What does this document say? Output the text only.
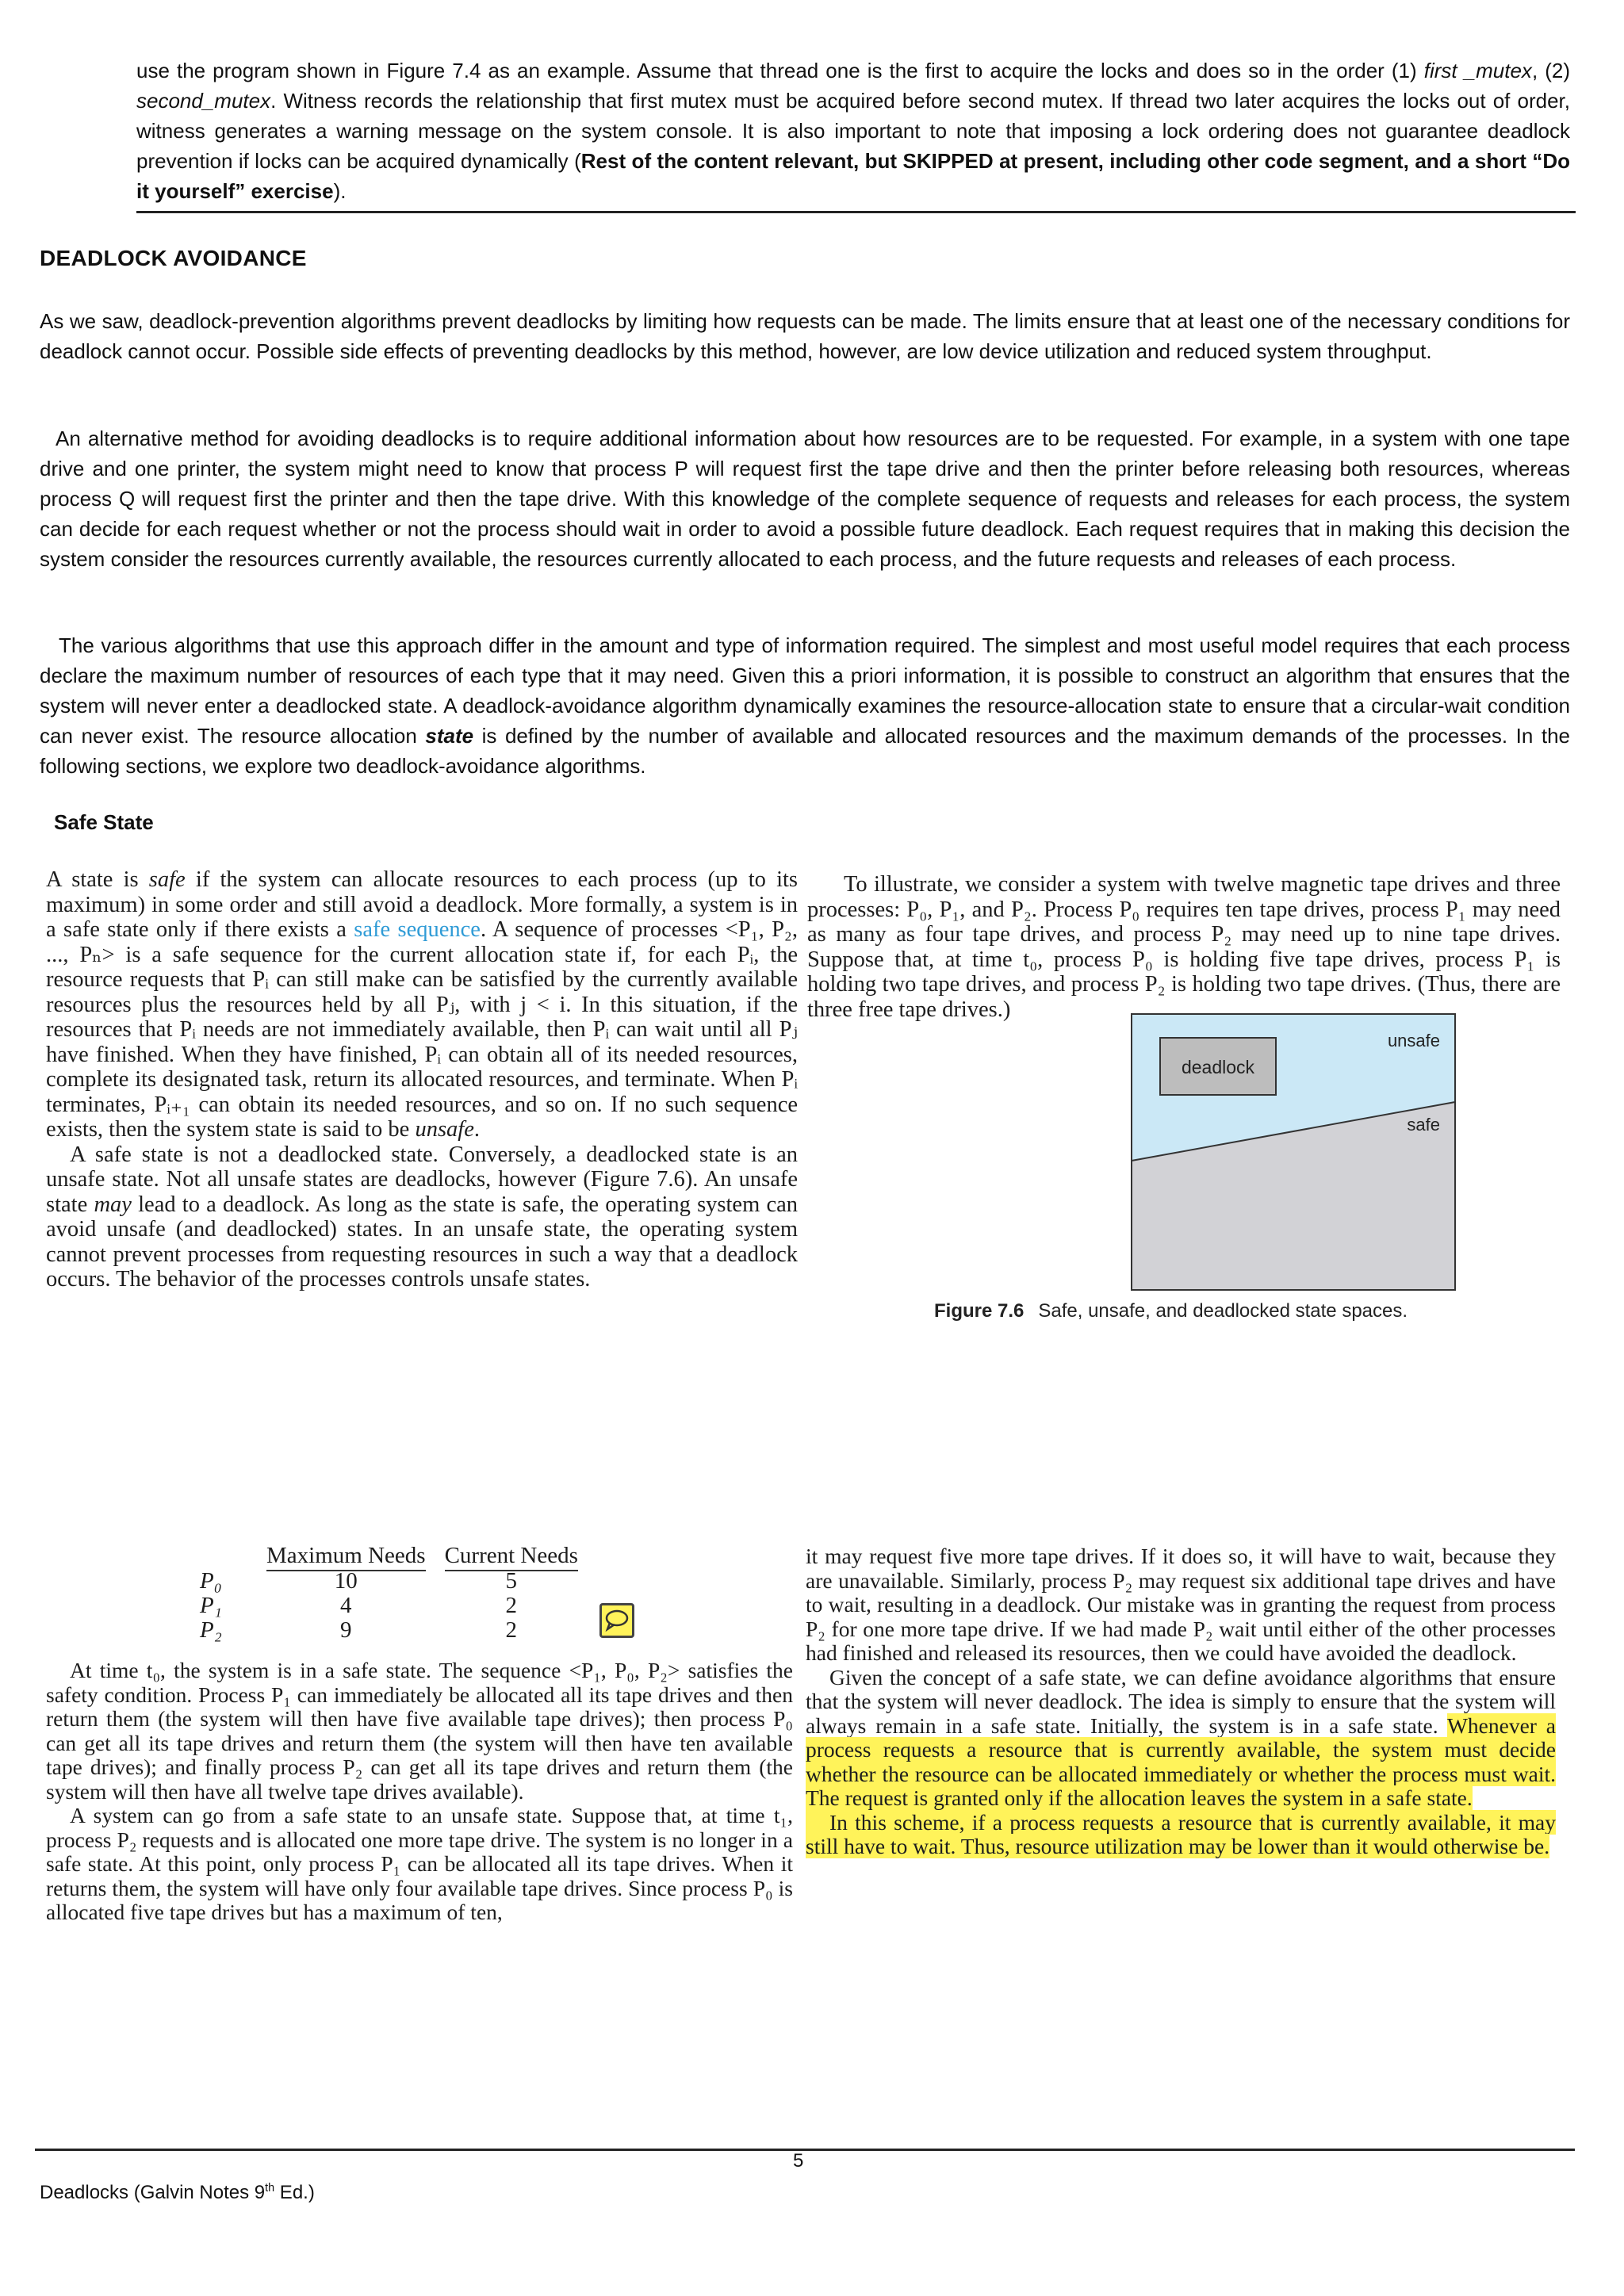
use the program shown in Figure 7.4 as an example. Assume that thread one is the first to acquire the locks and does so in the order (1) first _mutex, (2) second_mutex. Witness records the relationship that first mutex must be acquired before second mutex. If thread two later acquires the locks out of order, witness generates a warning message on the system console. It is also important to note that imposing a lock ordering does not guarantee deadlock prevention if locks can be acquired dynamically (Rest of the content relevant, but SKIPPED at present, including other code segment, and a short “Do it yourself” exercise).

DEADLOCK AVOIDANCE

As we saw, deadlock-prevention algorithms prevent deadlocks by limiting how requests can be made. The limits ensure that at least one of the necessary conditions for deadlock cannot occur. Possible side effects of preventing deadlocks by this method, however, are low device utilization and reduced system throughput.

An alternative method for avoiding deadlocks is to require additional information about how resources are to be requested. For example, in a system with one tape drive and one printer, the system might need to know that process P will request first the tape drive and then the printer before releasing both resources, whereas process Q will request first the printer and then the tape drive. With this knowledge of the complete sequence of requests and releases for each process, the system can decide for each request whether or not the process should wait in order to avoid a possible future deadlock. Each request requires that in making this decision the system consider the resources currently available, the resources currently allocated to each process, and the future requests and releases of each process.

The various algorithms that use this approach differ in the amount and type of information required. The simplest and most useful model requires that each process declare the maximum number of resources of each type that it may need. Given this a priori information, it is possible to construct an algorithm that ensures that the system will never enter a deadlocked state. A deadlock-avoidance algorithm dynamically examines the resource-allocation state to ensure that a circular-wait condition can never exist. The resource allocation state is defined by the number of available and allocated resources and the maximum demands of the processes. In the following sections, we explore two deadlock-avoidance algorithms.

Safe State

A state is safe if the system can allocate resources to each process (up to its maximum) in some order and still avoid a deadlock. More formally, a system is in a safe state only if there exists a safe sequence. A sequence of processes <P₁, P₂, ..., Pₙ> is a safe sequence for the current allocation state if, for each Pᵢ, the resource requests that Pᵢ can still make can be satisfied by the currently available resources plus the resources held by all Pⱼ, with j < i. In this situation, if the resources that Pᵢ needs are not immediately available, then Pᵢ can wait until all Pⱼ have finished. When they have finished, Pᵢ can obtain all of its needed resources, complete its designated task, return its allocated resources, and terminate. When Pᵢ terminates, Pᵢ₊₁ can obtain its needed resources, and so on. If no such sequence exists, then the system state is said to be unsafe.
A safe state is not a deadlocked state. Conversely, a deadlocked state is an unsafe state. Not all unsafe states are deadlocks, however (Figure 7.6). An unsafe state may lead to a deadlock. As long as the state is safe, the operating system can avoid unsafe (and deadlocked) states. In an unsafe state, the operating system cannot prevent processes from requesting resources in such a way that a deadlock occurs. The behavior of the processes controls unsafe states.

To illustrate, we consider a system with twelve magnetic tape drives and three processes: P₀, P₁, and P₂. Process P₀ requires ten tape drives, process P₁ may need as many as four tape drives, and process P₂ may need up to nine tape drives. Suppose that, at time t₀, process P₀ is holding five tape drives, process P₁ is holding two tape drives, and process P₂ is holding two tape drives. (Thus, there are three free tape drives.)

deadlock
unsafe
safe
Figure 7.6 Safe, unsafe, and deadlocked state spaces.
	Maximum Needs	Current Needs
P₀	10	5
P₁	4	2
P₂	9	2

At time t₀, the system is in a safe state. The sequence <P₁, P₀, P₂> satisfies the safety condition. Process P₁ can immediately be allocated all its tape drives and then return them (the system will then have five available tape drives); then process P₀ can get all its tape drives and return them (the system will then have ten available tape drives); and finally process P₂ can get all its tape drives and return them (the system will then have all twelve tape drives available).
A system can go from a safe state to an unsafe state. Suppose that, at time t₁, process P₂ requests and is allocated one more tape drive. The system is no longer in a safe state. At this point, only process P₁ can be allocated all its tape drives. When it returns them, the system will have only four available tape drives. Since process P₀ is allocated five tape drives but has a maximum of ten,

it may request five more tape drives. If it does so, it will have to wait, because they are unavailable. Similarly, process P₂ may request six additional tape drives and have to wait, resulting in a deadlock. Our mistake was in granting the request from process P₂ for one more tape drive. If we had made P₂ wait until either of the other processes had finished and released its resources, then we could have avoided the deadlock.
Given the concept of a safe state, we can define avoidance algorithms that ensure that the system will never deadlock. The idea is simply to ensure that the system will always remain in a safe state. Initially, the system is in a safe state. Whenever a process requests a resource that is currently available, the system must decide whether the resource can be allocated immediately or whether the process must wait. The request is granted only if the allocation leaves the system in a safe state.
In this scheme, if a process requests a resource that is currently available, it may still have to wait. Thus, resource utilization may be lower than it would otherwise be.

5
Deadlocks (Galvin Notes 9th Ed.)
